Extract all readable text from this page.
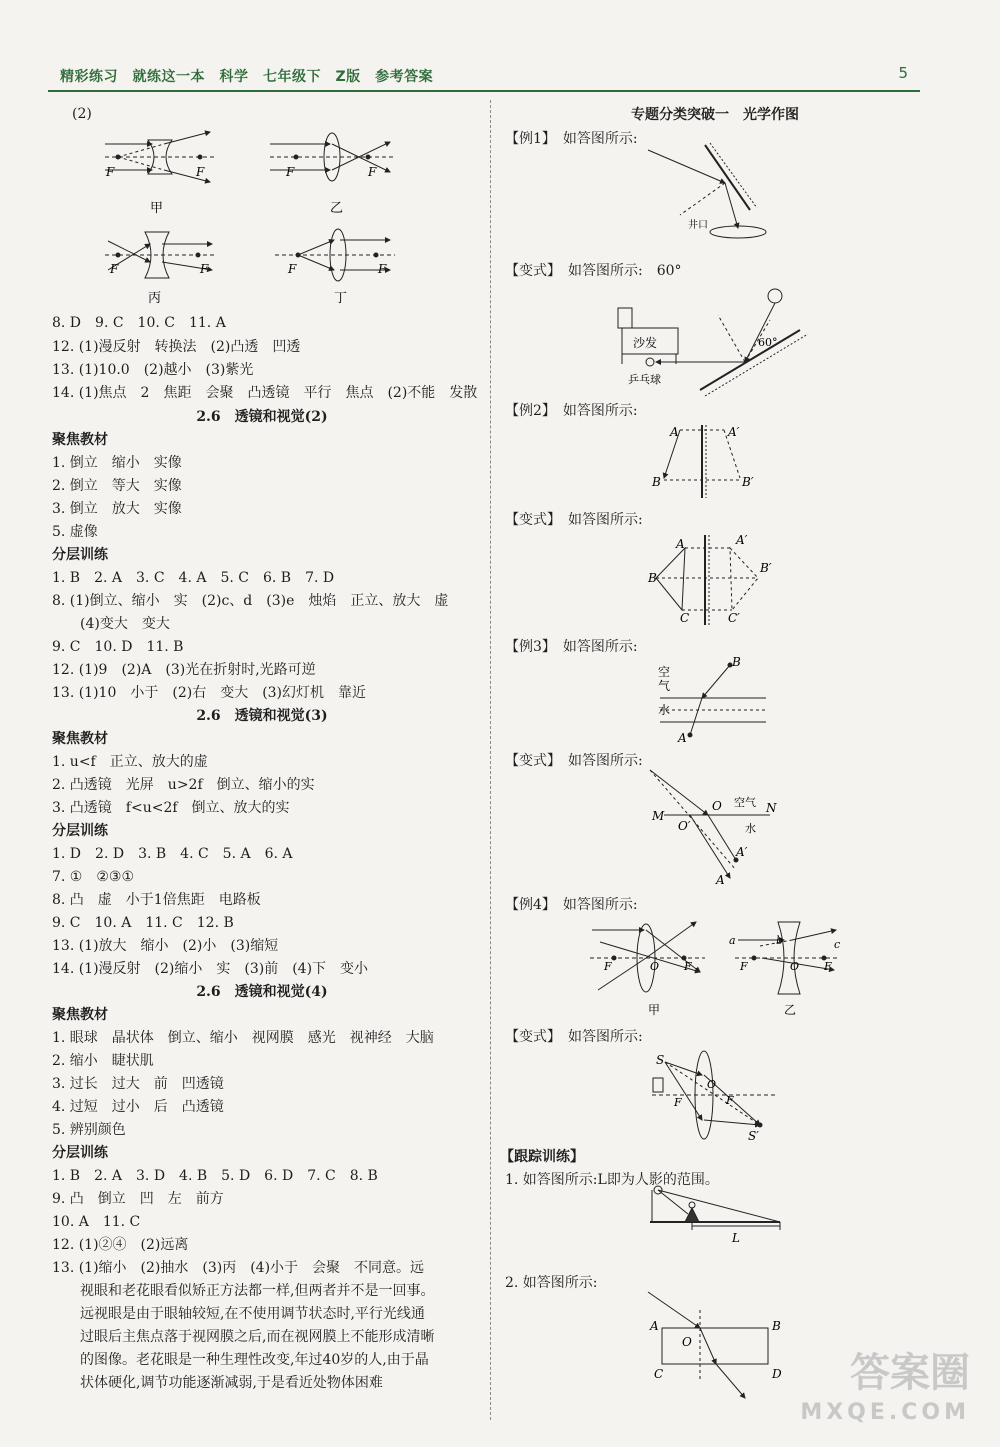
精彩练习　就练这一本　科学　七年级下　Z版　参考答案	5
(2)
F	F
甲
F	F
乙
F	F
丙
F	F
丁
8. D　9. C　10. C　11. A
12. (1)漫反射　转换法　(2)凸透　凹透
13. (1)10.0　(2)越小　(3)紫光
14. (1)焦点　2　焦距　会聚　凸透镜　平行　焦点　(2)不能　发散
2.6　透镜和视觉(2)
聚焦教材
1. 倒立　缩小　实像
2. 倒立　等大　实像
3. 倒立　放大　实像
5. 虚像
分层训练
1. B　2. A　3. C　4. A　5. C　6. B　7. D
8. (1)倒立、缩小　实　(2)c、d　(3)e　烛焰　正立、放大　虚
　　(4)变大　变大
9. C　10. D　11. B
12. (1)9　(2)A　(3)光在折射时,光路可逆
13. (1)10　小于　(2)右　变大　(3)幻灯机　靠近
2.6　透镜和视觉(3)
聚焦教材
1. u<f　正立、放大的虚
2. 凸透镜　光屏　u>2f　倒立、缩小的实
3. 凸透镜　f<u<2f　倒立、放大的实
分层训练
1. D　2. D　3. B　4. C　5. A　6. A
7. ①　②③①
8. 凸　虚　小于1倍焦距　电路板
9. C　10. A　11. C　12. B
13. (1)放大　缩小　(2)小　(3)缩短
14. (1)漫反射　(2)缩小　实　(3)前　(4)下　变小
2.6　透镜和视觉(4)
聚焦教材
1. 眼球　晶状体　倒立、缩小　视网膜　感光　视神经　大脑
2. 缩小　睫状肌
3. 过长　过大　前　凹透镜
4. 过短　过小　后　凸透镜
5. 辨别颜色
分层训练
1. B　2. A　3. D　4. B　5. D　6. D　7. C　8. B
9. 凸　倒立　凹　左　前方
10. A　11. C
12. (1)②④　(2)远离
13. (1)缩小　(2)抽水　(3)丙　(4)小于　会聚　不同意。远
　　视眼和老花眼看似矫正方法都一样,但两者并不是一回事。
　　远视眼是由于眼轴较短,在不使用调节状态时,平行光线通
　　过眼后主焦点落于视网膜之后,而在视网膜上不能形成清晰
　　的图像。老花眼是一种生理性改变,年过40岁的人,由于晶
　　状体硬化,调节功能逐渐减弱,于是看近处物体困难
专题分类突破一　光学作图
【例1】　如答图所示:
井口
沙发
乒乓球
60°
A	A′
B	B′
A	A′
B
B′
C	C′
空
气
水
B
A
M
N
O
O′
空气
水
A′
A
F	O F
甲
a	b	c
F	O F
乙
S
O
F	F
S′
L
A	B
C	D
O
【变式】　如答图所示:　60°
【例2】　如答图所示:
【变式】　如答图所示:
【例3】　如答图所示:
【变式】　如答图所示:
【例4】　如答图所示:
【变式】　如答图所示:
【跟踪训练】
1. 如答图所示:L即为人影的范围。
2. 如答图所示:
答案圈
MXQE.COM
